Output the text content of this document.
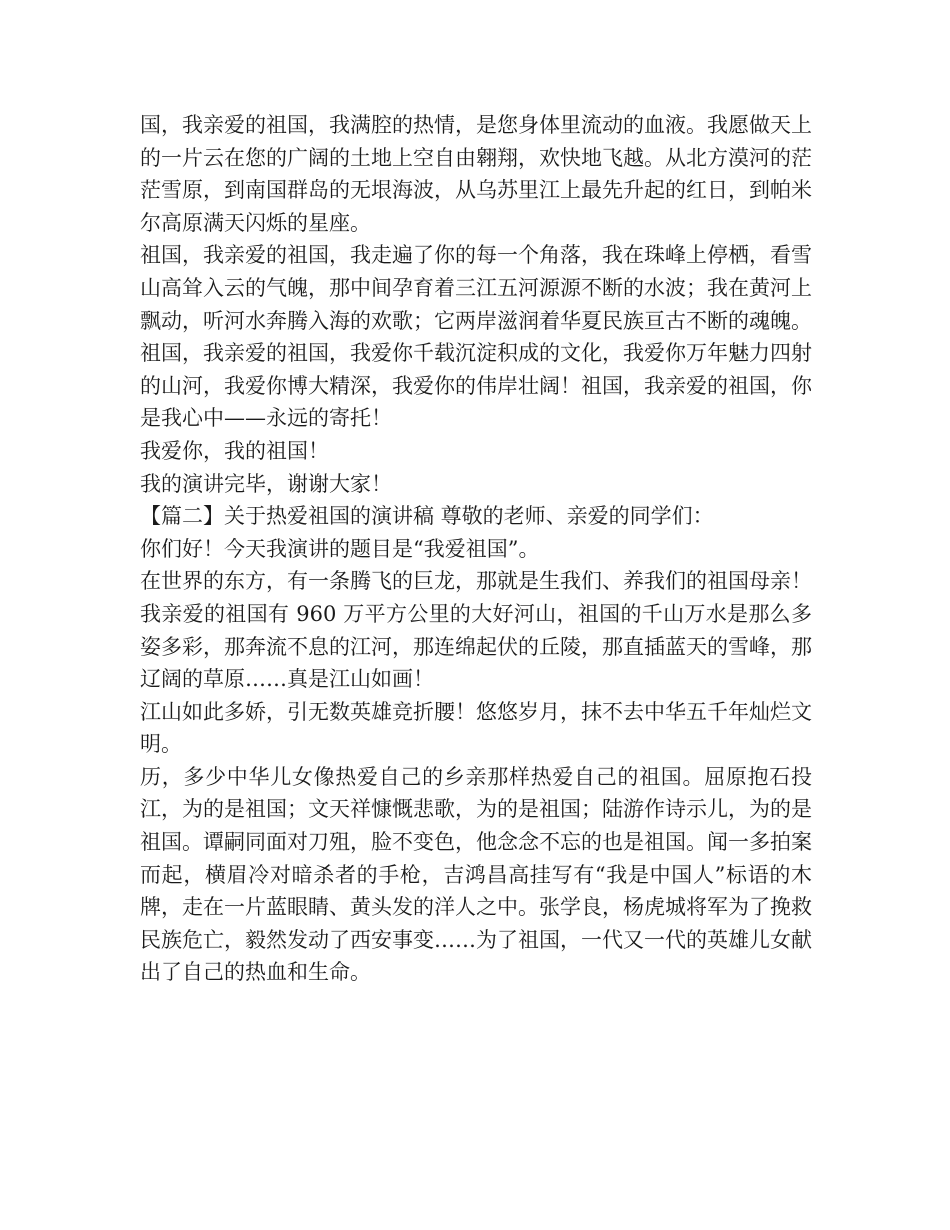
国，我亲爱的祖国，我满腔的热情，是您身体里流动的血液。我愿做天上的一片云在您的广阔的土地上空自由翱翔，欢快地飞越。从北方漠河的茫茫雪原，到南国群岛的无垠海波，从乌苏里江上最先升起的红日，到帕米尔高原满天闪烁的星座。

祖国，我亲爱的祖国，我走遍了你的每一个角落，我在珠峰上停栖，看雪山高耸入云的气魄，那中间孕育着三江五河源源不断的水波；我在黄河上飘动，听河水奔腾入海的欢歌；它两岸滋润着华夏民族亘古不断的魂魄。祖国，我亲爱的祖国，我爱你千载沉淀积成的文化，我爱你万年魅力四射的山河，我爱你博大精深，我爱你的伟岸壮阔！祖国，我亲爱的祖国，你是我心中——永远的寄托！

我爱你，我的祖国！

我的演讲完毕，谢谢大家！

【篇二】关于热爱祖国的演讲稿 尊敬的老师、亲爱的同学们：

你们好！今天我演讲的题目是“我爱祖国”。

在世界的东方，有一条腾飞的巨龙，那就是生我们、养我们的祖国母亲！我亲爱的祖国有 960 万平方公里的大好河山，祖国的千山万水是那么多姿多彩，那奔流不息的江河，那连绵起伏的丘陵，那直插蓝天的雪峰，那辽阔的草原……真是江山如画！

江山如此多娇，引无数英雄竞折腰！悠悠岁月，抹不去中华五千年灿烂文明。

历，多少中华儿女像热爱自己的乡亲那样热爱自己的祖国。屈原抱石投江，为的是祖国；文天祥慷慨悲歌，为的是祖国；陆游作诗示儿，为的是祖国。谭嗣同面对刀殂，脸不变色，他念念不忘的也是祖国。闻一多拍案而起，横眉冷对暗杀者的手枪，吉鸿昌高挂写有“我是中国人”标语的木牌，走在一片蓝眼睛、黄头发的洋人之中。张学良，杨虎城将军为了挽救民族危亡，毅然发动了西安事变……为了祖国，一代又一代的英雄儿女献出了自己的热血和生命。
